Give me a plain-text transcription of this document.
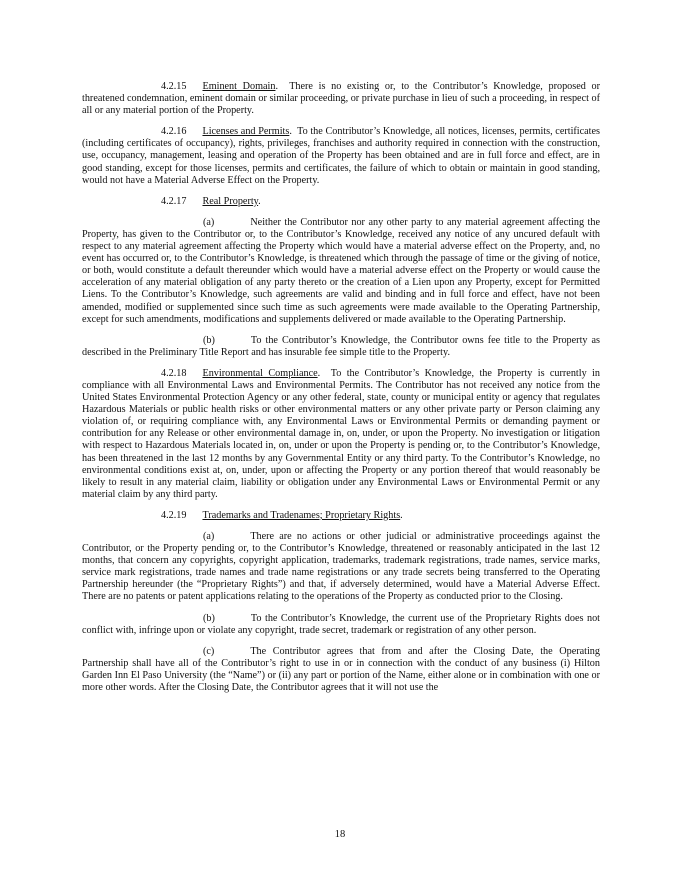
4.2.15 Eminent Domain.  There is no existing or, to the Contributor’s Knowledge, proposed or threatened condemnation, eminent domain or similar proceeding, or private purchase in lieu of such a proceeding, in respect of all or any material portion of the Property.

4.2.16 Licenses and Permits.  To the Contributor’s Knowledge, all notices, licenses, permits, certificates (including certificates of occupancy), rights, privileges, franchises and authority required in connection with the construction, use, occupancy, management, leasing and operation of the Property has been obtained and are in full force and effect, are in good standing, except for those licenses, permits and certificates, the failure of which to obtain or maintain in good standing, would not have a Material Adverse Effect on the Property.

4.2.17 Real Property.

(a)	Neither the Contributor nor any other party to any material agreement affecting the Property, has given to the Contributor or, to the Contributor’s Knowledge, received any notice of any uncured default with respect to any material agreement affecting the Property which would have a material adverse effect on the Property, and, no event has occurred or, to the Contributor’s Knowledge, is threatened which through the passage of time or the giving of notice, or both, would constitute a default thereunder which would have a material adverse effect on the Property or would cause the acceleration of any material obligation of any party thereto or the creation of a Lien upon any Property, except for Permitted Liens. To the Contributor’s Knowledge, such agreements are valid and binding and in full force and effect, have not been amended, modified or supplemented since such time as such agreements were made available to the Operating Partnership, except for such amendments, modifications and supplements delivered or made available to the Operating Partnership.

(b)	To the Contributor’s Knowledge, the Contributor owns fee title to the Property as described in the Preliminary Title Report and has insurable fee simple title to the Property.

4.2.18 Environmental Compliance.  To the Contributor’s Knowledge, the Property is currently in compliance with all Environmental Laws and Environmental Permits. The Contributor has not received any notice from the United States Environmental Protection Agency or any other federal, state, county or municipal entity or agency that regulates Hazardous Materials or public health risks or other environmental matters or any other private party or Person claiming any violation of, or requiring compliance with, any Environmental Laws or Environmental Permits or demanding payment or contribution for any Release or other environmental damage in, on, under, or upon the Property. No investigation or litigation with respect to Hazardous Materials located in, on, under or upon the Property is pending or, to the Contributor’s Knowledge, has been threatened in the last 12 months by any Governmental Entity or any third party. To the Contributor’s Knowledge, no environmental conditions exist at, on, under, upon or affecting the Property or any portion thereof that would reasonably be likely to result in any material claim, liability or obligation under any Environmental Laws or Environmental Permit or any material claim by any third party.

4.2.19 Trademarks and Tradenames; Proprietary Rights.

(a)	There are no actions or other judicial or administrative proceedings against the Contributor, or the Property pending or, to the Contributor’s Knowledge, threatened or reasonably anticipated in the last 12 months, that concern any copyrights, copyright application, trademarks, trademark registrations, trade names, service marks, service mark registrations, trade names and trade name registrations or any trade secrets being transferred to the Operating Partnership hereunder (the “Proprietary Rights”) and that, if adversely determined, would have a Material Adverse Effect. There are no patents or patent applications relating to the operations of the Property as conducted prior to the Closing.

(b)	To the Contributor’s Knowledge, the current use of the Proprietary Rights does not conflict with, infringe upon or violate any copyright, trade secret, trademark or registration of any other person.

(c)	The Contributor agrees that from and after the Closing Date, the Operating Partnership shall have all of the Contributor’s right to use in or in connection with the conduct of any business (i) Hilton Garden Inn El Paso University (the “Name”) or (ii) any part or portion of the Name, either alone or in combination with one or more other words. After the Closing Date, the Contributor agrees that it will not use the

18
